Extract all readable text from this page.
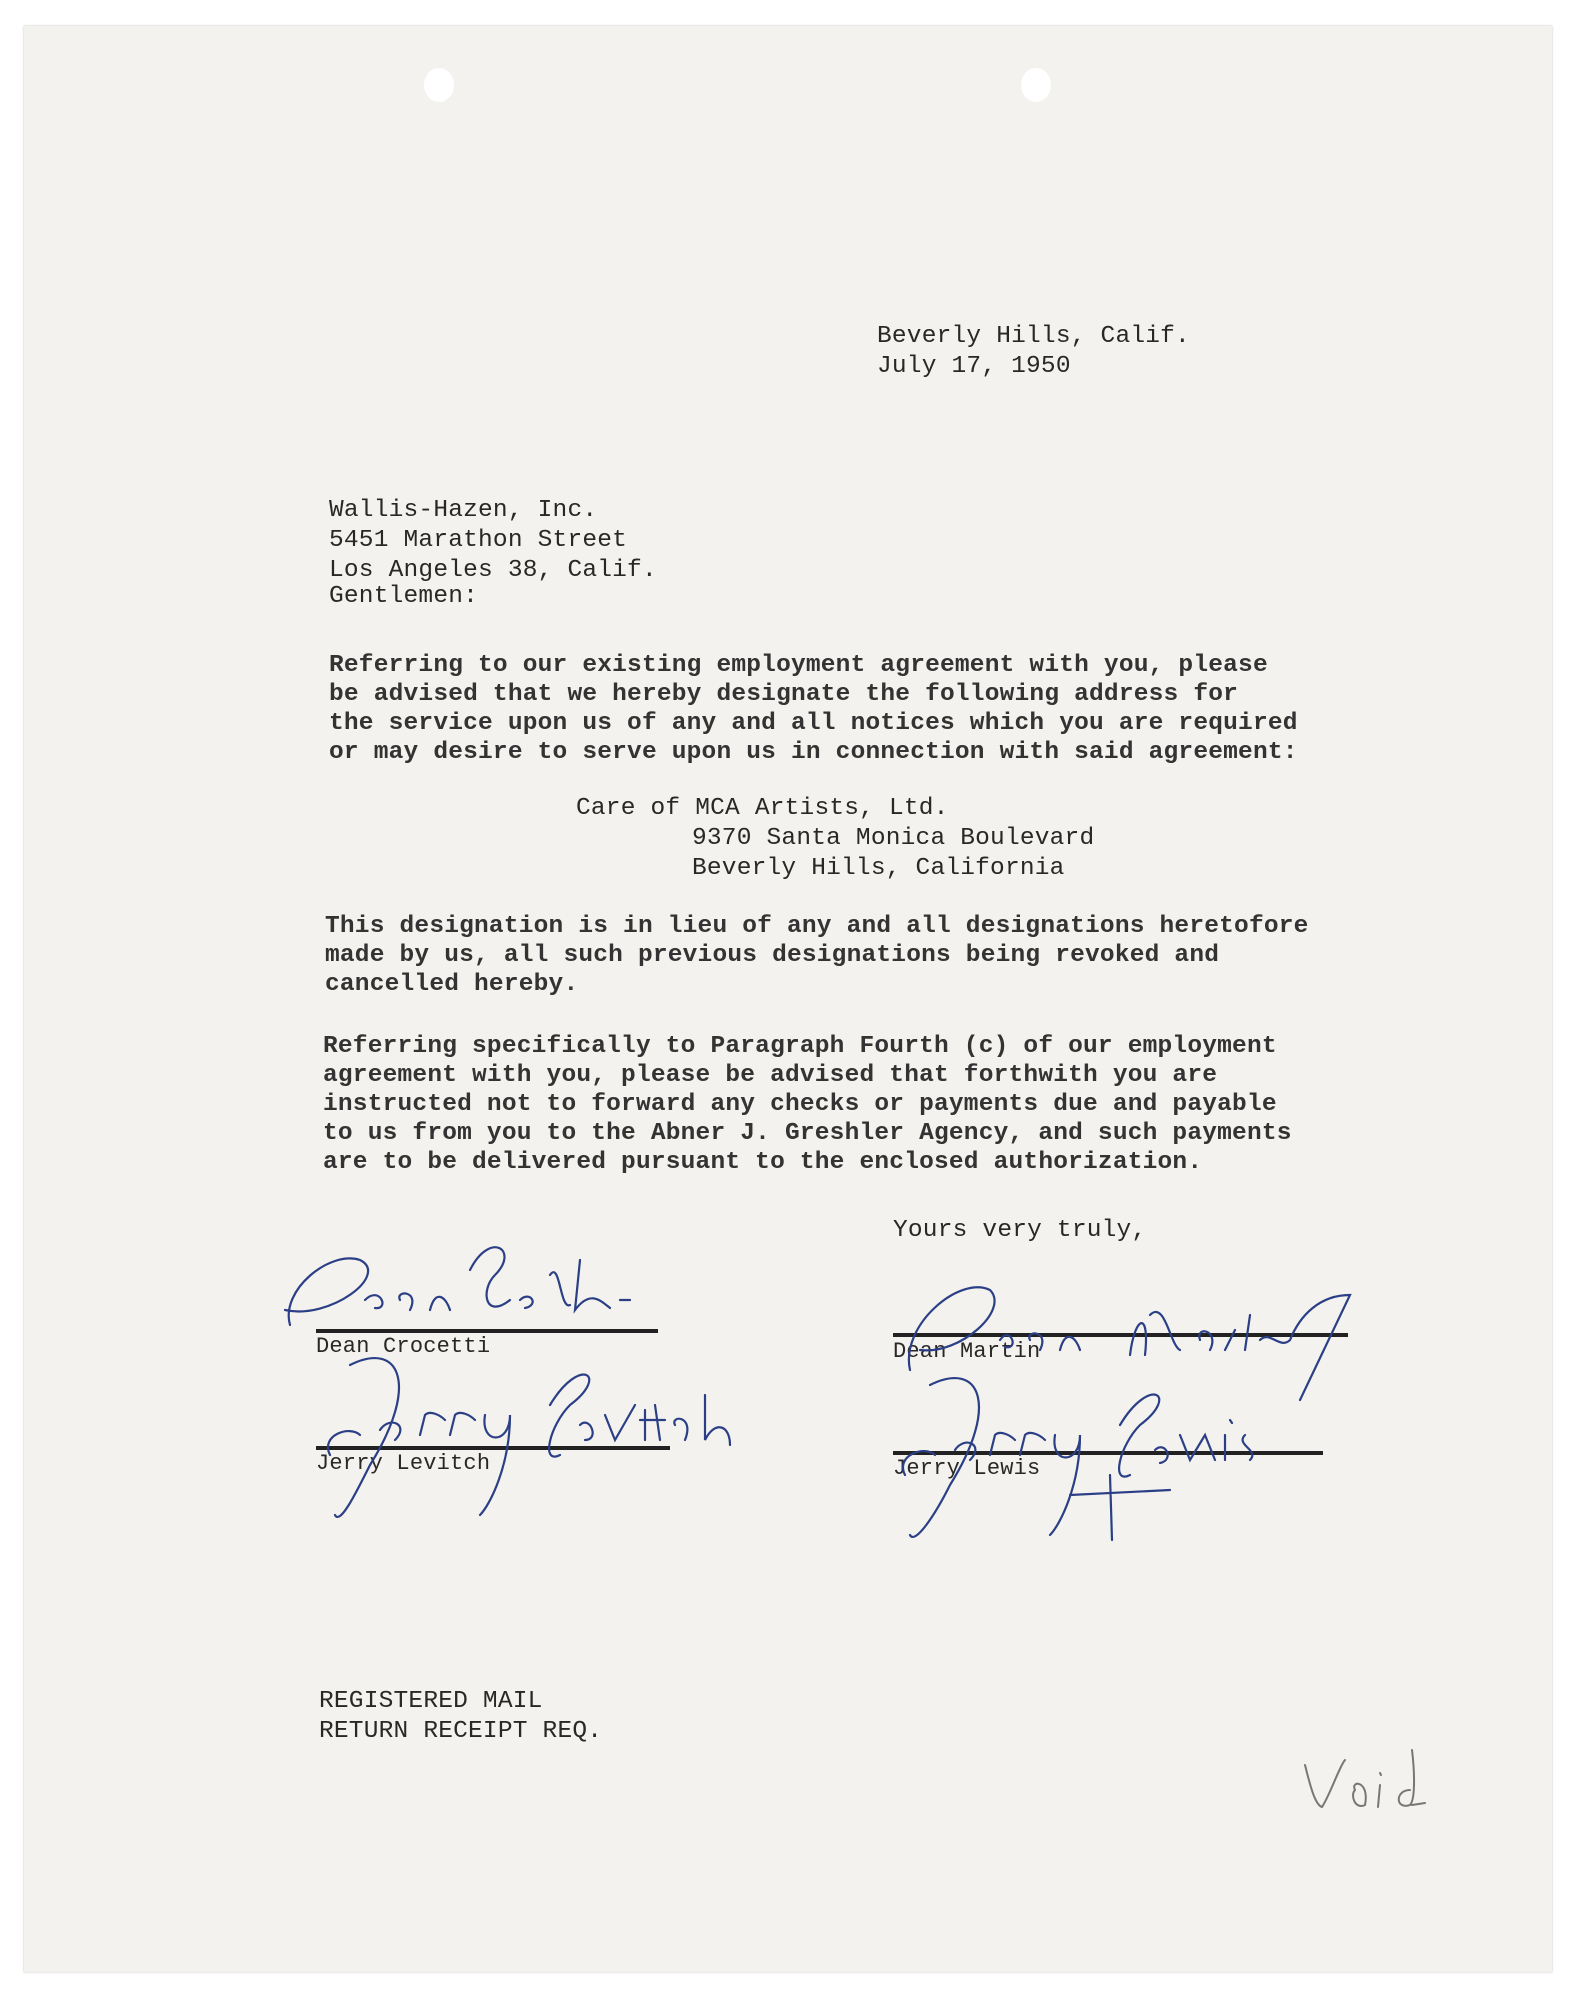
Beverly Hills, Calif.
July 17, 1950
Wallis-Hazen, Inc.
5451 Marathon Street
Los Angeles 38, Calif.
Gentlemen:
Referring to our existing employment agreement with you, please
be advised that we hereby designate the following address for
the service upon us of any and all notices which you are required
or may desire to serve upon us in connection with said agreement:
Care of MCA Artists, Ltd.
9370 Santa Monica Boulevard
Beverly Hills, California
This designation is in lieu of any and all designations heretofore
made by us, all such previous designations being revoked and
cancelled hereby.
Referring specifically to Paragraph Fourth (c) of our employment
agreement with you, please be advised that forthwith you are
instructed not to forward any checks or payments due and payable
to us from you to the Abner J. Greshler Agency, and such payments
are to be delivered pursuant to the enclosed authorization.
Yours very truly,
Dean Crocetti	Dean Martin
Jerry Levitch	Jerry Lewis
REGISTERED MAIL
RETURN RECEIPT REQ.
